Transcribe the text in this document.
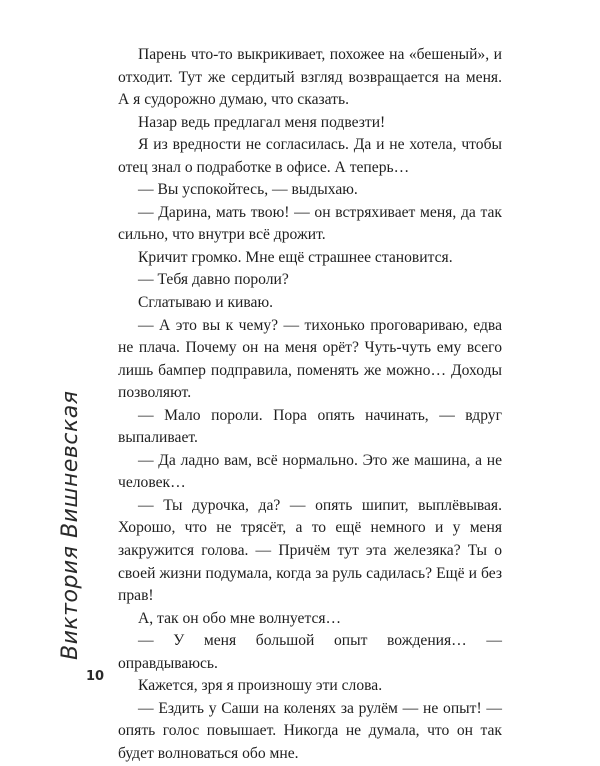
Парень что-то выкрикивает, похожее на «бешеный», и отходит. Тут же сердитый взгляд возвращается на меня. А я судорожно думаю, что сказать.

Назар ведь предлагал меня подвезти!

Я из вредности не согласилась. Да и не хотела, чтобы отец знал о подработке в офисе. А теперь…

— Вы успокойтесь, — выдыхаю.

— Дарина, мать твою! — он встряхивает меня, да так сильно, что внутри всё дрожит.

Кричит громко. Мне ещё страшнее становится.

— Тебя давно пороли?

Сглатываю и киваю.

— А это вы к чему? — тихонько проговариваю, едва не плача. Почему он на меня орёт? Чуть-чуть ему всего лишь бампер подправила, поменять же можно… Доходы позволяют.

— Мало пороли. Пора опять начинать, — вдруг выпаливает.

— Да ладно вам, всё нормально. Это же машина, а не человек…

— Ты дурочка, да? — опять шипит, выплёвывая. Хорошо, что не трясёт, а то ещё немного и у меня закружится голова. — Причём тут эта железяка? Ты о своей жизни подумала, когда за руль садилась? Ещё и без прав!

А, так он обо мне волнуется…

— У меня большой опыт вождения… — оправдываюсь.

Кажется, зря я произношу эти слова.

— Ездить у Саши на коленях за рулём — не опыт! — опять голос повышает. Никогда не думала, что он так будет волноваться обо мне.

Виктория Вишневская
10
